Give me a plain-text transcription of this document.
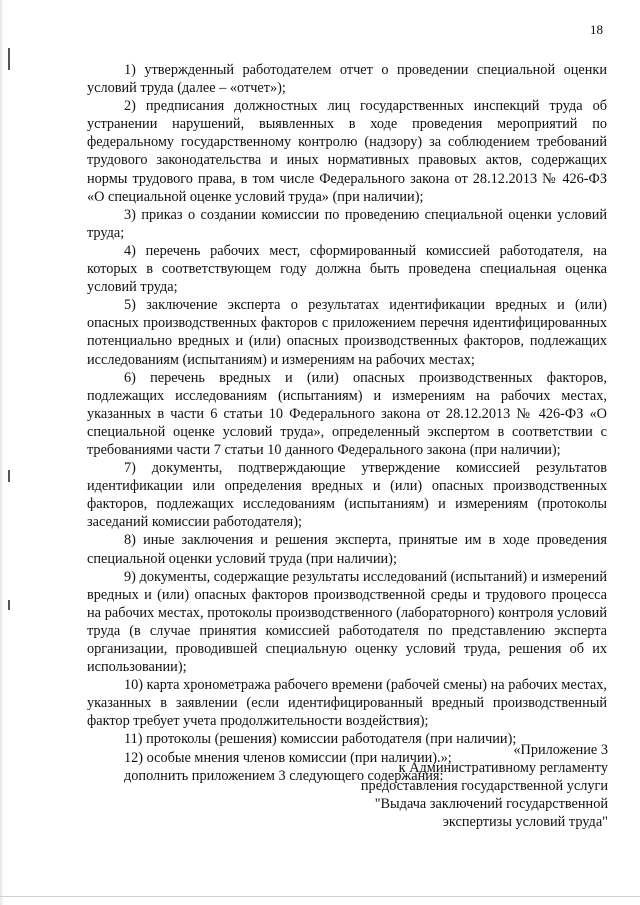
18

1) утвержденный работодателем отчет о проведении специальной оценки условий труда (далее – «отчет»);

2) предписания должностных лиц государственных инспекций труда об устранении нарушений, выявленных в ходе проведения мероприятий по федеральному государственному контролю (надзору) за соблюдением требований трудового законодательства и иных нормативных правовых актов, содержащих нормы трудового права, в том числе Федерального закона от 28.12.2013 № 426-ФЗ «О специальной оценке условий труда» (при наличии);

3) приказ о создании комиссии по проведению специальной оценки условий труда;

4) перечень рабочих мест, сформированный комиссией работодателя, на которых в соответствующем году должна быть проведена специальная оценка условий труда;

5) заключение эксперта о результатах идентификации вредных и (или) опасных производственных факторов с приложением перечня идентифицированных потенциально вредных и (или) опасных производственных факторов, подлежащих исследованиям (испытаниям) и измерениям на рабочих местах;

6) перечень вредных и (или) опасных производственных факторов, подлежащих исследованиям (испытаниям) и измерениям на рабочих местах, указанных в части 6 статьи 10 Федерального закона от 28.12.2013 № 426-ФЗ «О специальной оценке условий труда», определенный экспертом в соответствии с требованиями части 7 статьи 10 данного Федерального закона (при наличии);

7) документы, подтверждающие утверждение комиссией результатов идентификации или определения вредных и (или) опасных производственных факторов, подлежащих исследованиям (испытаниям) и измерениям (протоколы заседаний комиссии работодателя);

8) иные заключения и решения эксперта, принятые им в ходе проведения специальной оценки условий труда (при наличии);

9) документы, содержащие результаты исследований (испытаний) и измерений вредных и (или) опасных факторов производственной среды и трудового процесса на рабочих местах, протоколы производственного (лабораторного) контроля условий труда (в случае принятия комиссией работодателя по представлению эксперта организации, проводившей специальную оценку условий труда, решения об их использовании);

10) карта хронометража рабочего времени (рабочей смены) на рабочих местах, указанных в заявлении (если идентифицированный вредный производственный фактор требует учета продолжительности воздействия);

11) протоколы (решения) комиссии работодателя (при наличии);

12) особые мнения членов комиссии (при наличии).»;

дополнить приложением 3 следующего содержания:

«Приложение 3
к Административному регламенту
предоставления государственной услуги
"Выдача заключений государственной
экспертизы условий труда"
